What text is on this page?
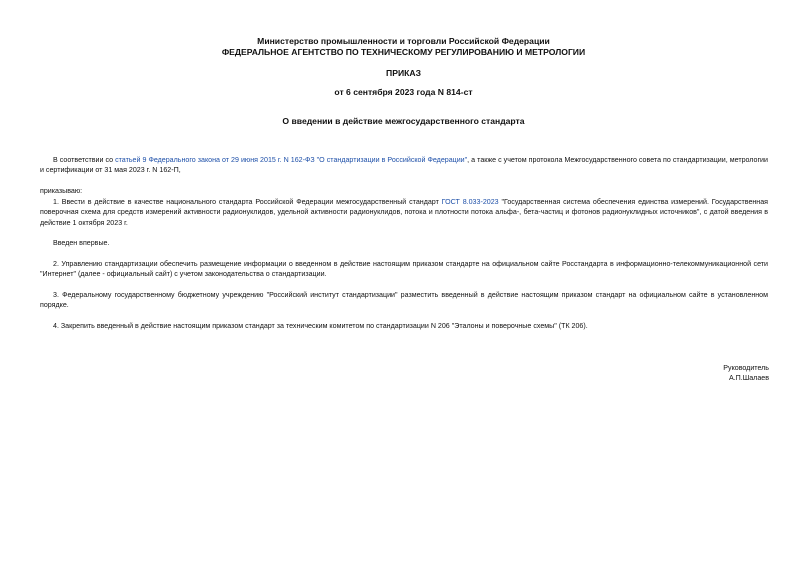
Министерство промышленности и торговли Российской Федерации
ФЕДЕРАЛЬНОЕ АГЕНТСТВО ПО ТЕХНИЧЕСКОМУ РЕГУЛИРОВАНИЮ И МЕТРОЛОГИИ
ПРИКАЗ
от 6 сентября 2023 года N 814-ст
О введении в действие межгосударственного стандарта
В соответствии со статьей 9 Федерального закона от 29 июня 2015 г. N 162-ФЗ "О стандартизации в Российской Федерации", а также с учетом протокола Межгосударственного совета по стандартизации, метрологии и сертификации от 31 мая 2023 г. N 162-П,
приказываю:
1. Ввести в действие в качестве национального стандарта Российской Федерации межгосударственный стандарт ГОСТ 8.033-2023 "Государственная система обеспечения единства измерений. Государственная поверочная схема для средств измерений активности радионуклидов, удельной активности радионуклидов, потока и плотности потока альфа-, бета-частиц и фотонов радионуклидных источников", с датой введения в действие 1 октября 2023 г.
Введен впервые.
2. Управлению стандартизации обеспечить размещение информации о введенном в действие настоящим приказом стандарте на официальном сайте Росстандарта в информационно-телекоммуникационной сети "Интернет" (далее - официальный сайт) с учетом законодательства о стандартизации.
3. Федеральному государственному бюджетному учреждению "Российский институт стандартизации" разместить введенный в действие настоящим приказом стандарт на официальном сайте в установленном порядке.
4. Закрепить введенный в действие настоящим приказом стандарт за техническим комитетом по стандартизации N 206 "Эталоны и поверочные схемы" (ТК 206).
Руководитель
А.П.Шалаев
